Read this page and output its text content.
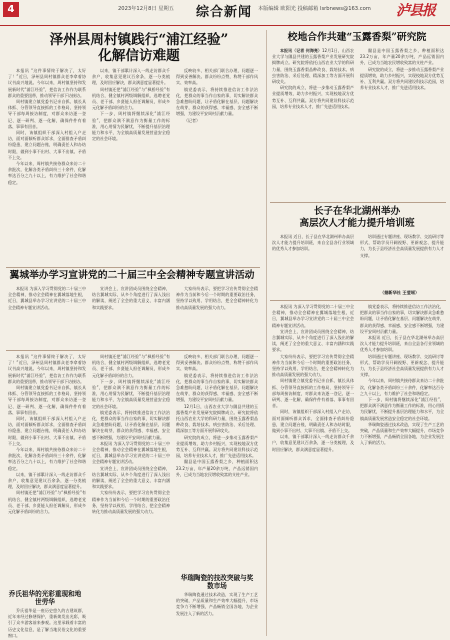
4	2023年12月8日 星期五 综合新闻 本版编辑 欧阳光 投稿邮箱 lsrbnews@163.com 泸县报
泽州县周村镇践行“浦江经验”
化解信访难题

本报讯 “这件事情终于解决了，太好了！”近日，泽州县周村镇群众老李拿着协议书高兴地说。今年以来，周村镇坚持和发展新时代“浦江经验”，把信访工作作为联系群众的重要纽带，推动领导干部下访接访。

周村镇建立镇党委书记亲自抓、镇长具体抓、分管领导直接抓的工作格局，坚持领导干部每周接访制度，对群众来访逐一登记、逐一研判、逐一化解，确保件件有着落、事事有回音。

同时，该镇组织干部深入村组入户走访，面对面倾听群众诉求，全面排查矛盾纠纷隐患，建立问题台账，明确责任人和办结时限，做到小事不出村、大事不出镇、矛盾不上交。

今年以来，周村镇共接待群众来访二十余批次，化解各类矛盾纠纷三十余件，化解率达百分之九十以上，有力维护了社会和谐稳定。

以来，镇干部累计深入一线走访群众千余户，收集意见建议百余条，逐一分类梳理，及时回应解决，群众满意度显著提升。

周村镇还把“浦江经验”与“枫桥经验”有机结合，健全镇村两级调解组织，选聘老党员、老干部、乡贤能人担任调解员，形成多元化解矛盾纠纷的合力。

下一步，周村镇将继续深化“浦江经验”，把群众满不满意作为衡量工作的标准，用心用情为民解忧，不断提升基层治理能力和水平，为全镇高质量发展营造安全稳定的社会环境。

反映较多、相关部门联合办理，问题逐一得到妥善解决。群众纷纷点赞，称赞干部作风实、效率高。

镇党委表示，将持续推进信访工作法治化，把群众的事当作自家的事，切实解决群众急难愁盼问题，让矛盾化解在基层、问题解决在萌芽，群众的获得感、幸福感、安全感不断增强，为建设平安周村贡献力量。

（记者）

翼城举办学习宣讲党的二十届三中全会精神专题宣讲活动

本报讯 为深入学习贯彻党的二十届三中全会精神，推动全会精神在翼城落地生根，近日，翼城县举办学习宣讲党的二十届三中全会精神专题宣讲活动。

宣讲会上，宣讲团成员围绕全会精神，结合翼城实际，从多个角度进行了深入浅出的解读，阐述了全会的重大意义、丰富内涵和实践要求。

大家纷纷表示，要把学习宣传贯彻全会精神作为当前和今后一个时期的重要政治任务，坚持学以致用、学用结合，把全会精神转化为推动高质量发展的强大动力。

本报讯 “这件事情终于解决了，太好了！”近日，泽州县周村镇群众老李拿着协议书高兴地说。今年以来，周村镇坚持和发展新时代“浦江经验”，把信访工作作为联系群众的重要纽带，推动领导干部下访接访。

周村镇建立镇党委书记亲自抓、镇长具体抓、分管领导直接抓的工作格局，坚持领导干部每周接访制度，对群众来访逐一登记、逐一研判、逐一化解，确保件件有着落、事事有回音。

同时，该镇组织干部深入村组入户走访，面对面倾听群众诉求，全面排查矛盾纠纷隐患，建立问题台账，明确责任人和办结时限，做到小事不出村、大事不出镇、矛盾不上交。

今年以来，周村镇共接待群众来访二十余批次，化解各类矛盾纠纷三十余件，化解率达百分之九十以上，有力维护了社会和谐稳定。

以来，镇干部累计深入一线走访群众千余户，收集意见建议百余条，逐一分类梳理，及时回应解决，群众满意度显著提升。

周村镇还把“浦江经验”与“枫桥经验”有机结合，健全镇村两级调解组织，选聘老党员、老干部、乡贤能人担任调解员，形成多元化解矛盾纠纷的合力。

乔氏祖华的光彩重现和地世劳华

乔氏祖华是一座历史悠久的古建筑群，近年来经过修缮保护，重新焕发出光彩，吸引了众多游客前来参观。这里承载着丰富的历史文化信息，是了解当地民俗文化的重要窗口。

周村镇还把“浦江经验”与“枫桥经验”有机结合，健全镇村两级调解组织，选聘老党员、老干部、乡贤能人担任调解员，形成多元化解矛盾纠纷的合力。

下一步，周村镇将继续深化“浦江经验”，把群众满不满意作为衡量工作的标准，用心用情为民解忧，不断提升基层治理能力和水平，为全镇高质量发展营造安全稳定的社会环境。

镇党委表示，将持续推进信访工作法治化，把群众的事当作自家的事，切实解决群众急难愁盼问题，让矛盾化解在基层、问题解决在萌芽，群众的获得感、幸福感、安全感不断增强，为建设平安周村贡献力量。

本报讯 为深入学习贯彻党的二十届三中全会精神，推动全会精神在翼城落地生根，近日，翼城县举办学习宣讲党的二十届三中全会精神专题宣讲活动。

宣讲会上，宣讲团成员围绕全会精神，结合翼城实际，从多个角度进行了深入浅出的解读，阐述了全会的重大意义、丰富内涵和实践要求。

大家纷纷表示，要把学习宣传贯彻全会精神作为当前和今后一个时期的重要政治任务，坚持学以致用、学用结合，把全会精神转化为推动高质量发展的强大动力。

反映较多、相关部门联合办理，问题逐一得到妥善解决。群众纷纷点赞，称赞干部作风实、效率高。

镇党委表示，将持续推进信访工作法治化，把群众的事当作自家的事，切实解决群众急难愁盼问题，让矛盾化解在基层、问题解决在萌芽，群众的获得感、幸福感、安全感不断增强，为建设平安周村贡献力量。

12月1日，山西农业大学与隰县共建的玉露香梨产业发展研究院揭牌成立。研究院将依托山西农业大学的科研力量，围绕玉露香梨品种改良、栽培技术、病虫害防治、采后处理、精深加工等方面开展科研攻关。

研究院的成立，将进一步推动玉露香梨产业提质增效，助力乡村振兴，实现校地双方优势互补、互利共赢。双方将共同建设科技示范园，培养专业技术人才，推广先进适用技术。

隰县是中国玉露香梨之乡，种植面积达23.2万亩，年产量20余万吨，产品远销国内外，已成为当地农民增收致富的支柱产业。

华瑞陶瓷的技改突破与奖数市场

华瑞陶瓷通过技术改造，实现了生产工艺的突破，产品质量和生产效率大幅提升，市场竞争力不断增强，产品畅销全国各地，为企业发展注入了新的活力。

校地合作共建“玉露香梨”研究院

本报讯（记者 何海亮）12月1日，山西农业大学与隰县共建的玉露香梨产业发展研究院揭牌成立。研究院将依托山西农业大学的科研力量，围绕玉露香梨品种改良、栽培技术、病虫害防治、采后处理、精深加工等方面开展科研攻关。

研究院的成立，将进一步推动玉露香梨产业提质增效，助力乡村振兴，实现校地双方优势互补、互利共赢。双方将共同建设科技示范园，培养专业技术人才，推广先进适用技术。

隰县是中国玉露香梨之乡，种植面积达23.2万亩，年产量20余万吨，产品远销国内外，已成为当地农民增收致富的支柱产业。

研究院的成立，将进一步推动玉露香梨产业提质增效，助力乡村振兴，实现校地双方优势互补、互利共赢。双方将共同建设科技示范园，培养专业技术人才，推广先进适用技术。

长子在华北湖州举办
高层次人才能力提升培训班

本报讯 近日，长子县在华北湖州举办高层次人才能力提升培训班，来自全县各行业领域的优秀人才参加培训。

培训通过专题讲座、现场教学、交流研讨等形式，帮助学员开阔视野、更新观念、提升能力，为长子县经济社会高质量发展提供有力人才支撑。

（据新华社 王莹瑶）

本报讯 为深入学习贯彻党的二十届三中全会精神，推动全会精神在翼城落地生根，近日，翼城县举办学习宣讲党的二十届三中全会精神专题宣讲活动。

宣讲会上，宣讲团成员围绕全会精神，结合翼城实际，从多个角度进行了深入浅出的解读，阐述了全会的重大意义、丰富内涵和实践要求。

大家纷纷表示，要把学习宣传贯彻全会精神作为当前和今后一个时期的重要政治任务，坚持学以致用、学用结合，把全会精神转化为推动高质量发展的强大动力。

周村镇建立镇党委书记亲自抓、镇长具体抓、分管领导直接抓的工作格局，坚持领导干部每周接访制度，对群众来访逐一登记、逐一研判、逐一化解，确保件件有着落、事事有回音。

同时，该镇组织干部深入村组入户走访，面对面倾听群众诉求，全面排查矛盾纠纷隐患，建立问题台账，明确责任人和办结时限，做到小事不出村、大事不出镇、矛盾不上交。

以来，镇干部累计深入一线走访群众千余户，收集意见建议百余条，逐一分类梳理，及时回应解决，群众满意度显著提升。

镇党委表示，将持续推进信访工作法治化，把群众的事当作自家的事，切实解决群众急难愁盼问题，让矛盾化解在基层、问题解决在萌芽，群众的获得感、幸福感、安全感不断增强，为建设平安周村贡献力量。

本报讯 近日，长子县在华北湖州举办高层次人才能力提升培训班，来自全县各行业领域的优秀人才参加培训。

培训通过专题讲座、现场教学、交流研讨等形式，帮助学员开阔视野、更新观念、提升能力，为长子县经济社会高质量发展提供有力人才支撑。

今年以来，周村镇共接待群众来访二十余批次，化解各类矛盾纠纷三十余件，化解率达百分之九十以上，有力维护了社会和谐稳定。

下一步，周村镇将继续深化“浦江经验”，把群众满不满意作为衡量工作的标准，用心用情为民解忧，不断提升基层治理能力和水平，为全镇高质量发展营造安全稳定的社会环境。

华瑞陶瓷通过技术改造，实现了生产工艺的突破，产品质量和生产效率大幅提升，市场竞争力不断增强，产品畅销全国各地，为企业发展注入了新的活力。
